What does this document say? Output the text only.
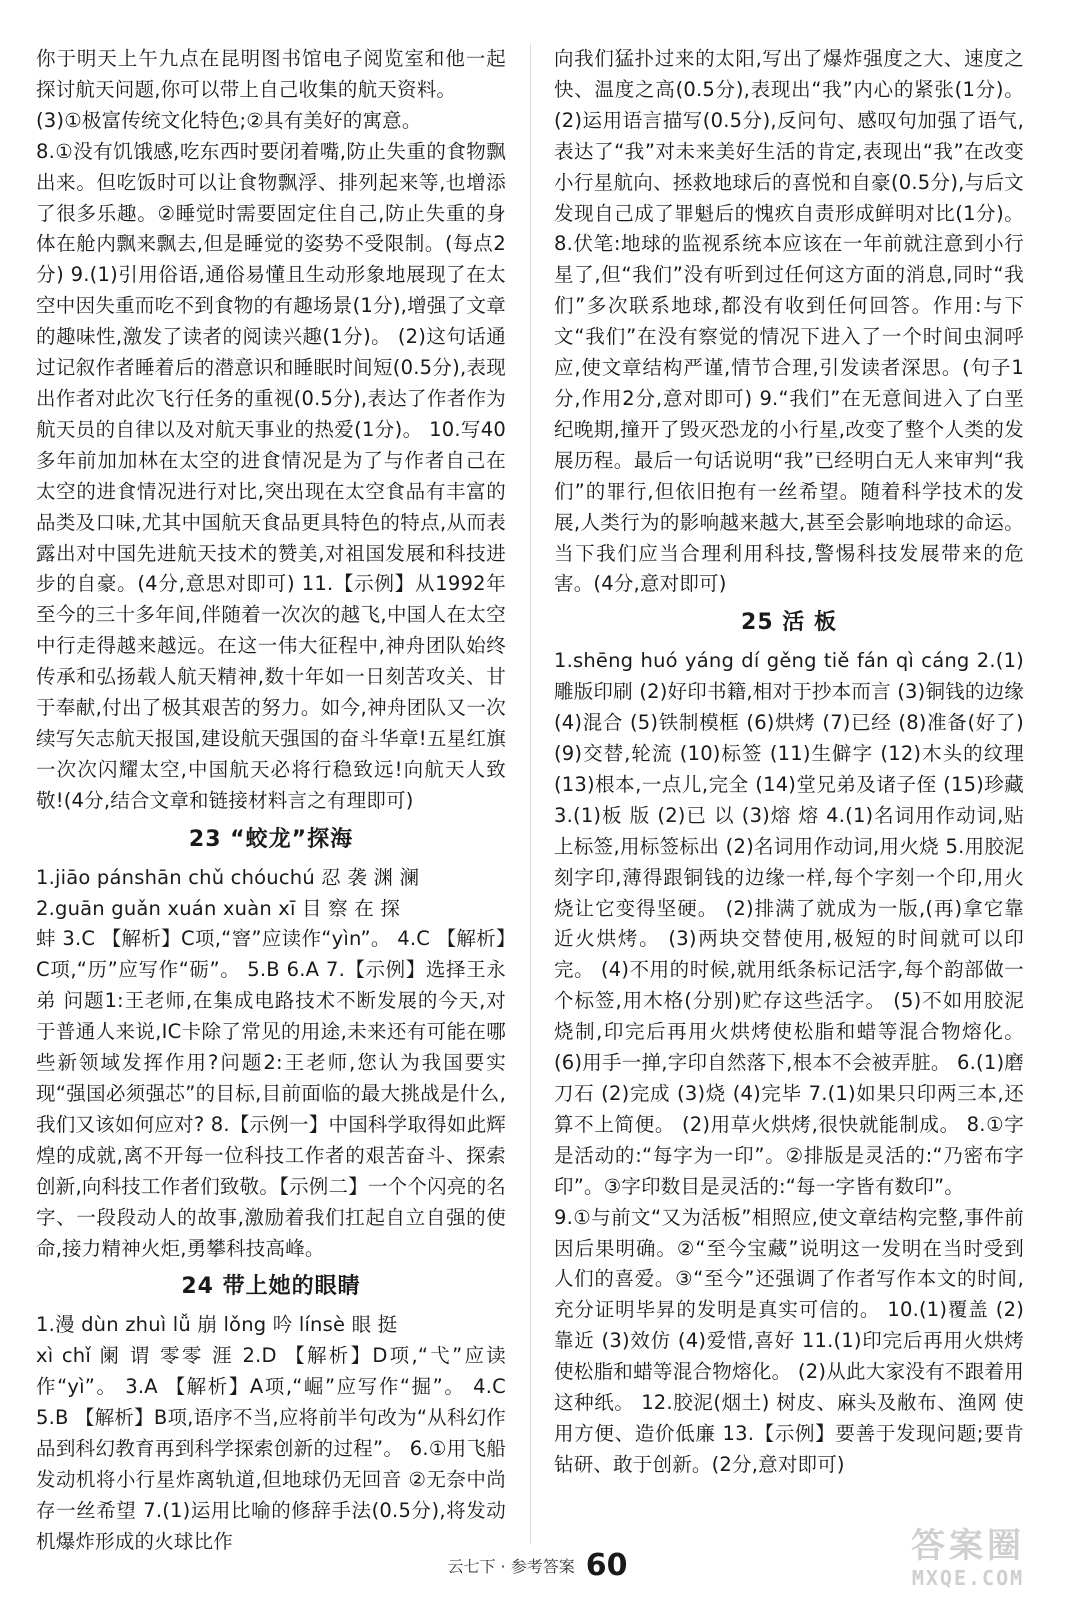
你于明天上午九点在昆明图书馆电子阅览室和他一起探讨航天问题,你可以带上自己收集的航天资料。

(3)①极富传统文化特色;②具有美好的寓意。

8.①没有饥饿感,吃东西时要闭着嘴,防止失重的食物飘出来。但吃饭时可以让食物飘浮、排列起来等,也增添了很多乐趣。②睡觉时需要固定住自己,防止失重的身体在舱内飘来飘去,但是睡觉的姿势不受限制。(每点2分) 9.(1)引用俗语,通俗易懂且生动形象地展现了在太空中因失重而吃不到食物的有趣场景(1分),增强了文章的趣味性,激发了读者的阅读兴趣(1分)。 (2)这句话通过记叙作者睡着后的潜意识和睡眠时间短(0.5分),表现出作者对此次飞行任务的重视(0.5分),表达了作者作为航天员的自律以及对航天事业的热爱(1分)。 10.写40多年前加加林在太空的进食情况是为了与作者自己在太空的进食情况进行对比,突出现在太空食品有丰富的品类及口味,尤其中国航天食品更具特色的特点,从而表露出对中国先进航天技术的赞美,对祖国发展和科技进步的自豪。(4分,意思对即可) 11.【示例】从1992年至今的三十多年间,伴随着一次次的越飞,中国人在太空中行走得越来越远。在这一伟大征程中,神舟团队始终传承和弘扬载人航天精神,数十年如一日刻苦攻关、甘于奉献,付出了极其艰苦的努力。如今,神舟团队又一次续写矢志航天报国,建设航天强国的奋斗华章!五星红旗一次次闪耀太空,中国航天必将行稳致远!向航天人致敬!(4分,结合文章和链接材料言之有理即可)

23 “蛟龙”探海

1.jiāo pánshān chǔ chóuchú 忍 袭 渊 澜

2.guān guǎn xuán xuàn xī 目 察 在 探

蚌 3.C 【解析】C项,“窨”应读作“yìn”。 4.C 【解析】C项,“历”应写作“砺”。 5.B 6.A 7.【示例】选择王永弟 问题1:王老师,在集成电路技术不断发展的今天,对于普通人来说,IC卡除了常见的用途,未来还有可能在哪些新领域发挥作用?问题2:王老师,您认为我国要实现“强国必须强芯”的目标,目前面临的最大挑战是什么,我们又该如何应对? 8.【示例一】中国科学取得如此辉煌的成就,离不开每一位科技工作者的艰苦奋斗、探索创新,向科技工作者们致敬。【示例二】一个个闪亮的名字、一段段动人的故事,激励着我们扛起自立自强的使命,接力精神火炬,勇攀科技高峰。

24 带上她的眼睛

1.漫 dùn zhuì lǚ 崩 lǒng 吟 línsè 眼 挺

xì chǐ 阑 谓 零零 涯 2.D 【解析】D项,“弋”应读作“yì”。 3.A 【解析】A项,“崛”应写作“掘”。 4.C 5.B 【解析】B项,语序不当,应将前半句改为“从科幻作品到科幻教育再到科学探索创新的过程”。 6.①用飞船发动机将小行星炸离轨道,但地球仍无回音 ②无奈中尚存一丝希望 7.(1)运用比喻的修辞手法(0.5分),将发动机爆炸形成的火球比作

向我们猛扑过来的太阳,写出了爆炸强度之大、速度之快、温度之高(0.5分),表现出“我”内心的紧张(1分)。(2)运用语言描写(0.5分),反问句、感叹句加强了语气,表达了“我”对未来美好生活的肯定,表现出“我”在改变小行星航向、拯救地球后的喜悦和自豪(0.5分),与后文发现自己成了罪魁后的愧疚自责形成鲜明对比(1分)。 8.伏笔:地球的监视系统本应该在一年前就注意到小行星了,但“我们”没有听到过任何这方面的消息,同时“我们”多次联系地球,都没有收到任何回答。作用:与下文“我们”在没有察觉的情况下进入了一个时间虫洞呼应,使文章结构严谨,情节合理,引发读者深思。(句子1分,作用2分,意对即可) 9.“我们”在无意间进入了白垩纪晚期,撞开了毁灭恐龙的小行星,改变了整个人类的发展历程。最后一句话说明“我”已经明白无人来审判“我们”的罪行,但依旧抱有一丝希望。随着科学技术的发展,人类行为的影响越来越大,甚至会影响地球的命运。当下我们应当合理利用科技,警惕科技发展带来的危害。(4分,意对即可)

25 活 板

1.shēng huó yáng dí gěng tiě fán qì cáng 2.(1)雕版印刷 (2)好印书籍,相对于抄本而言 (3)铜钱的边缘 (4)混合 (5)铁制模框 (6)烘烤 (7)已经 (8)准备(好了) (9)交替,轮流 (10)标签 (11)生僻字 (12)木头的纹理 (13)根本,一点儿,完全 (14)堂兄弟及诸子侄 (15)珍藏 3.(1)板 版 (2)已 以 (3)熔 熔 4.(1)名词用作动词,贴上标签,用标签标出 (2)名词用作动词,用火烧 5.用胶泥刻字印,薄得跟铜钱的边缘一样,每个字刻一个印,用火烧让它变得坚硬。 (2)排满了就成为一版,(再)拿它靠近火烘烤。 (3)两块交替使用,极短的时间就可以印完。 (4)不用的时候,就用纸条标记活字,每个韵部做一个标签,用木格(分别)贮存这些活字。 (5)不如用胶泥烧制,印完后再用火烘烤使松脂和蜡等混合物熔化。 (6)用手一掸,字印自然落下,根本不会被弄脏。 6.(1)磨刀石 (2)完成 (3)烧 (4)完毕 7.(1)如果只印两三本,还算不上简便。 (2)用草火烘烤,很快就能制成。 8.①字是活动的:“每字为一印”。②排版是灵活的:“乃密布字印”。③字印数目是灵活的:“每一字皆有数印”。

9.①与前文“又为活板”相照应,使文章结构完整,事件前因后果明确。②“至今宝藏”说明这一发明在当时受到人们的喜爱。③“至今”还强调了作者写作本文的时间,充分证明毕昇的发明是真实可信的。 10.(1)覆盖 (2)靠近 (3)效仿 (4)爱惜,喜好 11.(1)印完后再用火烘烤使松脂和蜡等混合物熔化。 (2)从此大家没有不跟着用这种纸。 12.胶泥(烟土) 树皮、麻头及敝布、渔网 使用方便、造价低廉 13.【示例】要善于发现问题;要肯钻研、敢于创新。(2分,意对即可)

云七下 · 参考答案 60	答案圈
MXQE.COM
